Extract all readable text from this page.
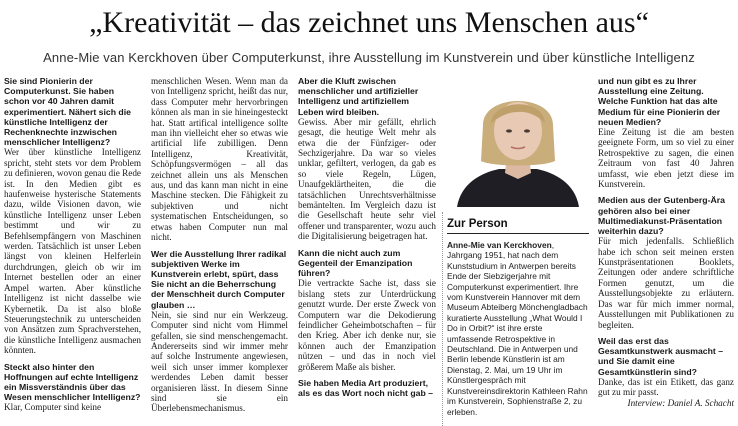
„Kreativität – das zeichnet uns Menschen aus“
Anne-Mie van Kerckhoven über Computerkunst, ihre Ausstellung im Kunstverein und über künstliche Intelligenz

Sie sind Pionierin der Computerkunst. Sie haben schon vor 40 Jahren damit experimentiert. Nähert sich die künstliche Intelligenz der Rechenknechte inzwischen menschlicher Intelligenz?

Wer über künstliche Intelligenz spricht, steht stets vor dem Problem zu definieren, wovon genau die Rede ist. In den Medien gibt es haufenweise hysterische Statements dazu, wilde Visionen davon, wie künstliche Intelligenz unser Leben bestimmt und wir zu Befehlsempfängern von Maschinen werden. Tatsächlich ist unser Leben längst von kleinen Helferlein durchdrungen, gleich ob wir im Internet bestellen oder an einer Ampel warten. Aber künstliche Intelligenz ist nicht dasselbe wie Kybernetik. Da ist also bloße Steuerungstechnik zu unterscheiden von Ansätzen zum Sprachverstehen, die künstliche Intelligenz ausmachen könnten.

Steckt also hinter den Hoffnungen auf echte Intelligenz ein Missverständnis über das Wesen menschlicher Intelligenz?

Klar, Computer sind keine

menschlichen Wesen. Wenn man da von Intelligenz spricht, heißt das nur, dass Computer mehr hervorbringen können als man in sie hineingesteckt hat. Statt artifical intelligence sollte man ihn vielleicht eher so etwas wie artificial life zubilligen. Denn Intelligenz, Kreativität, Schöpfungsvermögen – all das zeichnet allein uns als Menschen aus, und das kann man nicht in eine Maschine stecken. Die Fähigkeit zu subjektiven und nicht systematischen Entscheidungen, so etwas haben Computer nun mal nicht.

Wer die Ausstellung Ihrer radikal subjektiven Werke im Kunstverein erlebt, spürt, dass Sie nicht an die Beherrschung der Menschheit durch Computer glauben …

Nein, sie sind nur ein Werkzeug. Computer sind nicht vom Himmel gefallen, sie sind menschengemacht. Andererseits sind wir immer mehr auf solche Instrumente angewiesen, weil sich unser immer komplexer werdendes Leben damit besser organisieren lässt. In diesem Sinne sind sie ein Überlebensmechanismus.

Aber die Kluft zwischen menschlicher und artifizieller Intelligenz und artifiziellem Leben wird bleiben.

Gewiss. Aber mir gefällt, ehrlich gesagt, die heutige Welt mehr als etwa die der Fünfziger- oder Sechzigerjahre. Da war so vieles unklar, gefiltert, verlogen, da gab es so viele Regeln, Lügen, Unaufgeklärtheiten, die die tatsächlichen Unrechtsverhältnisse bemäntelten. Im Vergleich dazu ist die Gesellschaft heute sehr viel offener und transparenter, wozu auch die Digitalisierung beigetragen hat.

Kann die nicht auch zum Gegenteil der Emanzipation führen?

Die vertrackte Sache ist, dass sie bislang stets zur Unterdrückung genutzt wurde. Der erste Zweck von Computern war die Dekodierung feindlicher Geheimbotschaften – für den Krieg. Aber ich denke nur, sie können auch der Emanzipation nützen – und das in noch viel größerem Maße als bisher.

Sie haben Media Art produziert, als es das Wort noch nicht gab –

Zur Person

Anne-Mie van Kerckhoven, Jahrgang 1951, hat nach dem Kunststudium in Antwerpen bereits Ende der Siebzigerjahre mit Computerkunst experimentiert. Ihre vom Kunstverein Hannover mit dem Museum Abteiberg Mönchengladbach kuratierte Ausstellung „What Would I Do in Orbit?“ ist ihre erste umfassende Retrospektive in Deutschland. Die in Antwerpen und Berlin lebende Künstlerin ist am Dienstag, 2. Mai, um 19 Uhr im Künstlergespräch mit Kunstvereinsdirektorin Kathleen Rahn im Kunstverein, Sophienstraße 2, zu erleben.

und nun gibt es zu Ihrer Ausstellung eine Zeitung. Welche Funktion hat das alte Medium für eine Pionierin der neuen Medien?

Eine Zeitung ist die am besten geeignete Form, um so viel zu einer Retrospektive zu sagen, die einen Zeitraum von fast 40 Jahren umfasst, wie eben jetzt diese im Kunstverein.

Medien aus der Gutenberg-Ära gehören also bei einer Multimediakunst-Präsentation weiterhin dazu?

Für mich jedenfalls. Schließlich habe ich schon seit meinen ersten Kunstpräsentationen Booklets, Zeitungen oder andere schriftliche Formen genutzt, um die Ausstellungsobjekte zu erläutern. Das war für mich immer normal, Ausstellungen mit Publikationen zu begleiten.

Weil das erst das Gesamtkunstwerk ausmacht – und Sie damit eine Gesamtkünstlerin sind?

Danke, das ist ein Etikett, das ganz gut zu mir passt.

Interview: Daniel A. Schacht
